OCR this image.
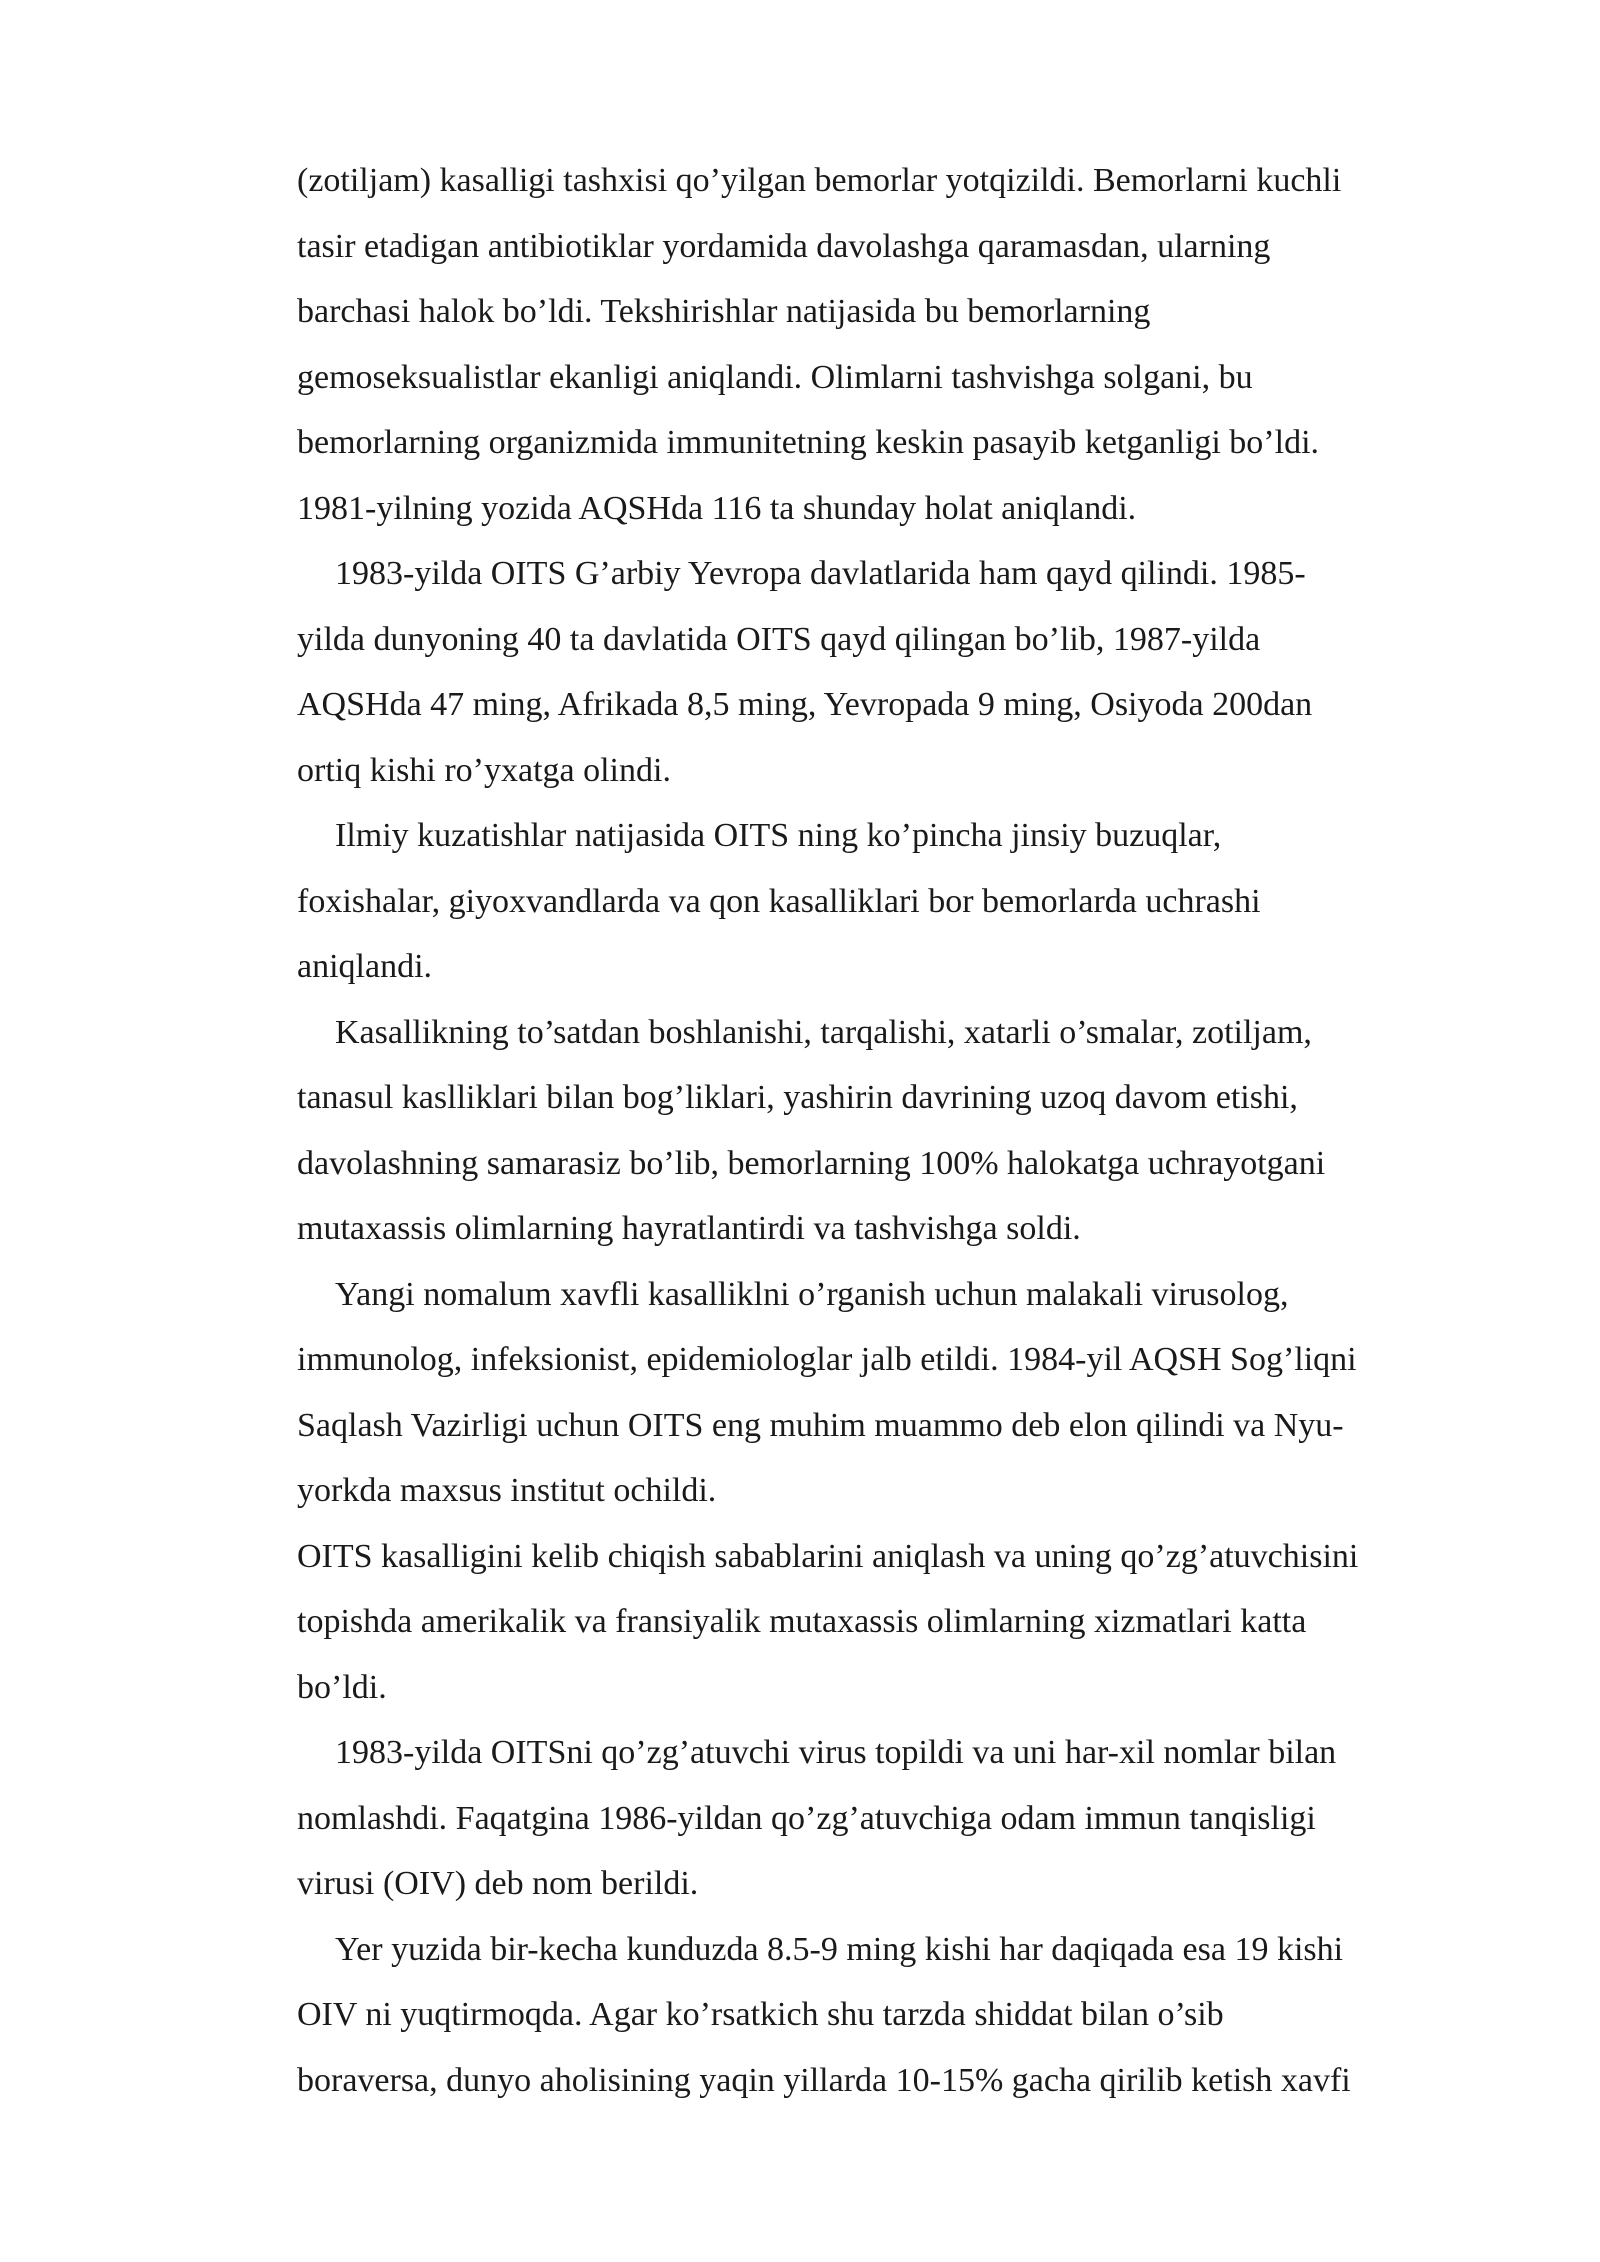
(zotiljam) kasalligi tashxisi qo’yilgan bemorlar yotqizildi. Bemorlarni kuchli
tasir etadigan antibiotiklar yordamida davolashga qaramasdan, ularning
barchasi halok bo’ldi. Tekshirishlar natijasida bu bemorlarning
gemoseksualistlar ekanligi aniqlandi. Olimlarni tashvishga solgani, bu
bemorlarning organizmida immunitetning keskin pasayib ketganligi bo’ldi.
1981-yilning yozida AQSHda 116 ta shunday holat aniqlandi.
1983-yilda OITS G’arbiy Yevropa davlatlarida ham qayd qilindi. 1985-
yilda dunyoning 40 ta davlatida OITS qayd qilingan bo’lib, 1987-yilda
AQSHda 47 ming, Afrikada 8,5 ming, Yevropada 9 ming, Osiyoda 200dan
ortiq kishi ro’yxatga olindi.
Ilmiy kuzatishlar natijasida OITS ning ko’pincha jinsiy buzuqlar,
foxishalar, giyoxvandlarda va qon kasalliklari bor bemorlarda uchrashi
aniqlandi.
Kasallikning to’satdan boshlanishi, tarqalishi, xatarli o’smalar, zotiljam,
tanasul kaslliklari bilan bog’liklari, yashirin davrining uzoq davom etishi,
davolashning samarasiz bo’lib, bemorlarning 100% halokatga uchrayotgani
mutaxassis olimlarning hayratlantirdi va tashvishga soldi.
Yangi nomalum xavfli kasalliklni o’rganish uchun malakali virusolog,
immunolog, infeksionist, epidemiologlar jalb etildi. 1984-yil AQSH Sog’liqni
Saqlash Vazirligi uchun OITS eng muhim muammo deb elon qilindi va Nyu-
yorkda maxsus institut ochildi.
OITS kasalligini kelib chiqish sabablarini aniqlash va uning qo’zg’atuvchisini
topishda amerikalik va fransiyalik mutaxassis olimlarning xizmatlari katta
bo’ldi.
1983-yilda OITSni qo’zg’atuvchi virus topildi va uni har-xil nomlar bilan
nomlashdi. Faqatgina 1986-yildan qo’zg’atuvchiga odam immun tanqisligi
virusi (OIV) deb nom berildi.
Yer yuzida bir-kecha kunduzda 8.5-9 ming kishi har daqiqada esa 19 kishi
OIV ni yuqtirmoqda. Agar ko’rsatkich shu tarzda shiddat bilan o’sib
boraversa, dunyo aholisining yaqin yillarda 10-15% gacha qirilib ketish xavfi
